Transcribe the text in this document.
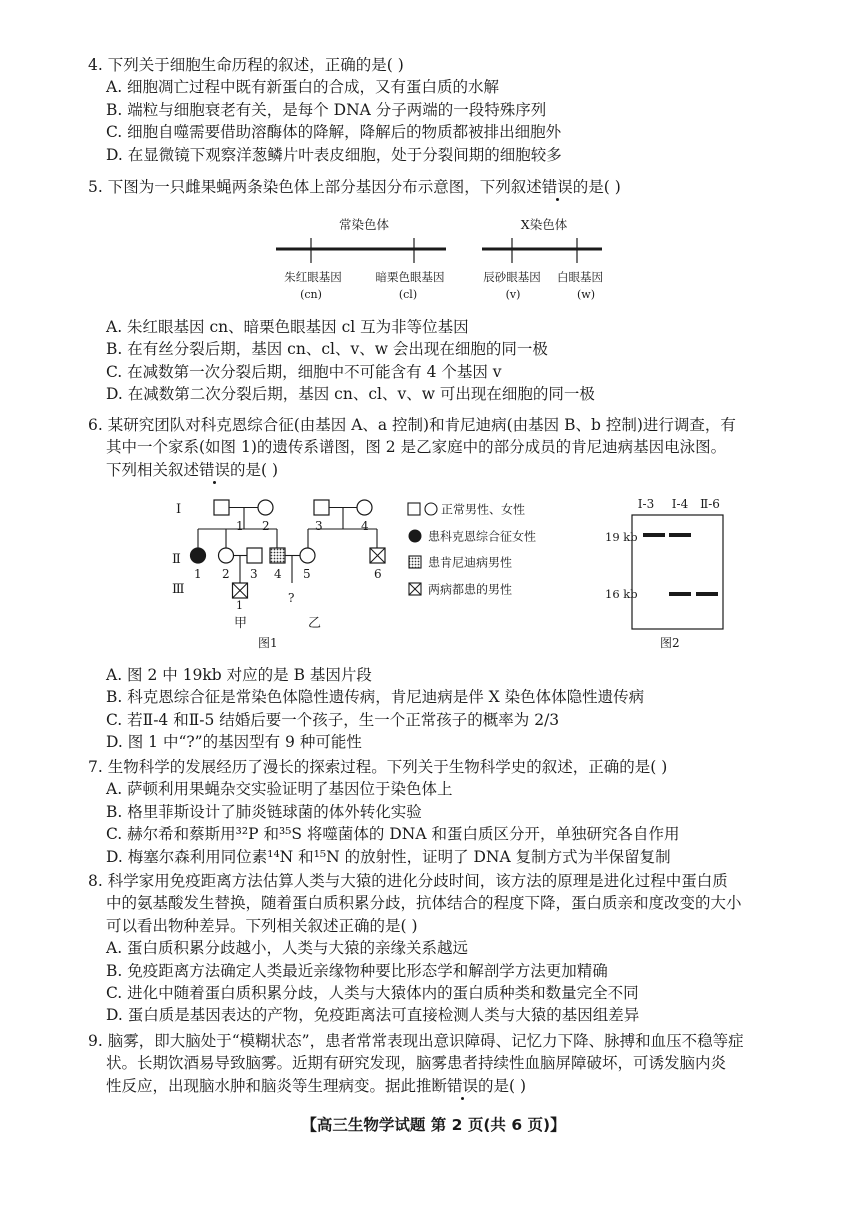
4. 下列关于细胞生命历程的叙述，正确的是( )

A. 细胞凋亡过程中既有新蛋白的合成，又有蛋白质的水解

B. 端粒与细胞衰老有关，是每个 DNA 分子两端的一段特殊序列

C. 细胞自噬需要借助溶酶体的降解，降解后的物质都被排出细胞外

D. 在显微镜下观察洋葱鳞片叶表皮细胞，处于分裂间期的细胞较多

5. 下图为一只雌果蝇两条染色体上部分基因分布示意图，下列叙述错误的是( )

常染色体	X染色体
朱红眼基因	暗栗色眼基因	辰砂眼基因 白眼基因
(cn)	(cl)	(v)	(w)

A. 朱红眼基因 cn、暗栗色眼基因 cl 互为非等位基因

B. 在有丝分裂后期，基因 cn、cl、v、w 会出现在细胞的同一极

C. 在减数第一次分裂后期，细胞中不可能含有 4 个基因 v

D. 在减数第二次分裂后期，基因 cn、cl、v、w 可出现在细胞的同一极

6. 某研究团队对科克恩综合征(由基因 A、a 控制)和肯尼迪病(由基因 B、b 控制)进行调查，有

其中一个家系(如图 1)的遗传系谱图，图 2 是乙家庭中的部分成员的肯尼迪病基因电泳图。

下列相关叙述错误的是( )

I
Ⅱ
Ⅲ
1 2	3	4
1 2 3 4 5	6
1
?
甲	乙
图1
正常男性、女性
患科克恩综合征女性
患肯尼迪病男性
两病都患的男性
I-3 I-4 Ⅱ-6
19 kb
16 kb
图2

A. 图 2 中 19kb 对应的是 B 基因片段

B. 科克恩综合征是常染色体隐性遗传病，肯尼迪病是伴 X 染色体体隐性遗传病

C. 若Ⅱ-4 和Ⅱ-5 结婚后要一个孩子，生一个正常孩子的概率为 2/3

D. 图 1 中“?”的基因型有 9 种可能性

7. 生物科学的发展经历了漫长的探索过程。下列关于生物科学史的叙述，正确的是( )

A. 萨顿利用果蝇杂交实验证明了基因位于染色体上

B. 格里菲斯设计了肺炎链球菌的体外转化实验

C. 赫尔希和蔡斯用³²P 和³⁵S 将噬菌体的 DNA 和蛋白质区分开，单独研究各自作用

D. 梅塞尔森利用同位素¹⁴N 和¹⁵N 的放射性，证明了 DNA 复制方式为半保留复制

8. 科学家用免疫距离方法估算人类与大猿的进化分歧时间，该方法的原理是进化过程中蛋白质

中的氨基酸发生替换，随着蛋白质积累分歧，抗体结合的程度下降，蛋白质亲和度改变的大小

可以看出物种差异。下列相关叙述正确的是( )

A. 蛋白质积累分歧越小，人类与大猿的亲缘关系越远

B. 免疫距离方法确定人类最近亲缘物种要比形态学和解剖学方法更加精确

C. 进化中随着蛋白质积累分歧，人类与大猿体内的蛋白质种类和数量完全不同

D. 蛋白质是基因表达的产物，免疫距离法可直接检测人类与大猿的基因组差异

9. 脑雾，即大脑处于“模糊状态”，患者常常表现出意识障碍、记忆力下降、脉搏和血压不稳等症

状。长期饮酒易导致脑雾。近期有研究发现，脑雾患者持续性血脑屏障破坏，可诱发脑内炎

性反应，出现脑水肿和脑炎等生理病变。据此推断错误的是( )

【高三生物学试题 第 2 页(共 6 页)】
